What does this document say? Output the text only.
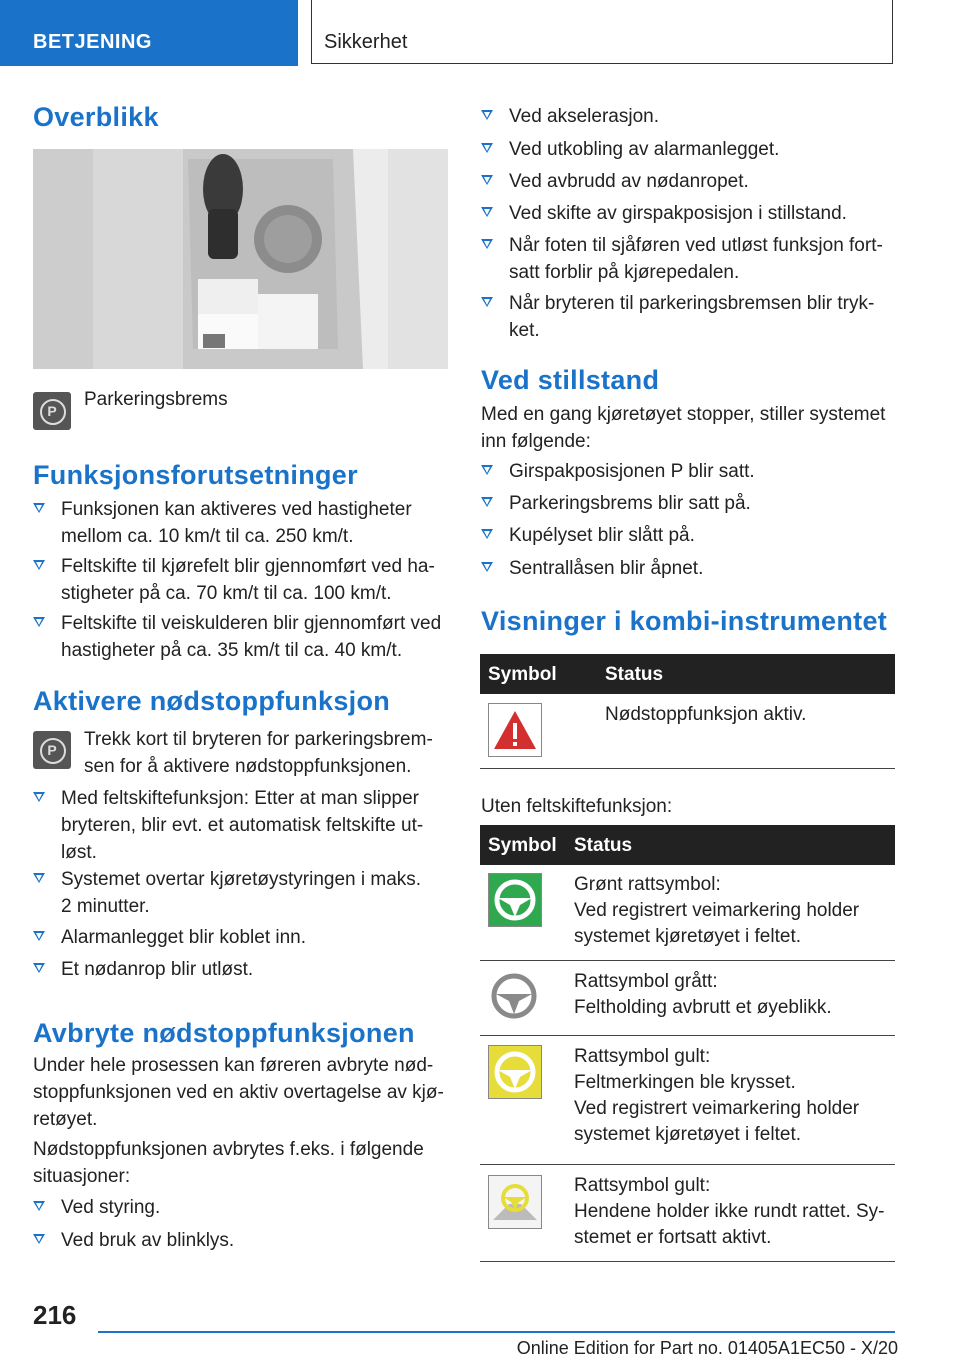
BETJENING	Sikkerhet
Overblikk
P
Parkeringsbrems
Funksjonsforutsetninger
Funksjonen kan aktiveres ved hastigheter
mellom ca. 10 km/t til ca. 250 km/t.
Feltskifte til kjørefelt blir gjennomført ved ha‐
stigheter på ca. 70 km/t til ca. 100 km/t.
Feltskifte til veiskulderen blir gjennomført ved
hastigheter på ca. 35 km/t til ca. 40 km/t.
Aktivere nødstoppfunksjon
P	Trekk kort til bryteren for parkeringsbrem‐
sen for å aktivere nødstoppfunksjonen.
Med feltskiftefunksjon: Etter at man slipper
bryteren, blir evt. et automatisk feltskifte ut‐
løst.
Systemet overtar kjøretøystyringen i maks.
2 minutter.
Alarmanlegget blir koblet inn.
Et nødanrop blir utløst.
Avbryte nødstoppfunksjonen
Under hele prosessen kan føreren avbryte nød‐
stoppfunksjonen ved en aktiv overtagelse av kjø‐
retøyet.
Nødstoppfunksjonen avbrytes f.eks. i følgende
situasjoner:
Ved styring.
Ved bruk av blinklys.
Ved akselerasjon.
Ved utkobling av alarmanlegget.
Ved avbrudd av nødanropet.
Ved skifte av girspakposisjon i stillstand.
Når foten til sjåføren ved utløst funksjon fort‐
satt forblir på kjørepedalen.
Når bryteren til parkeringsbremsen blir tryk‐
ket.
Ved stillstand
Med en gang kjøretøyet stopper, stiller systemet
inn følgende:
Girspakposisjonen P blir satt.
Parkeringsbrems blir satt på.
Kupélyset blir slått på.
Sentrallåsen blir åpnet.
Visninger i kombi-instrumentet
Symbol	Status
Nødstoppfunksjon aktiv.
Uten feltskiftefunksjon:
Symbol Status
Grønt rattsymbol:
Ved registrert veimarkering holder
systemet kjøretøyet i feltet.
Rattsymbol grått:
Feltholding avbrutt et øyeblikk.
Rattsymbol gult:
Feltmerkingen ble krysset.
Ved registrert veimarkering holder
systemet kjøretøyet i feltet.
Rattsymbol gult:
Hendene holder ikke rundt rattet. Sy‐
stemet er fortsatt aktivt.
216
Online Edition for Part no. 01405A1EC50 - X/20
